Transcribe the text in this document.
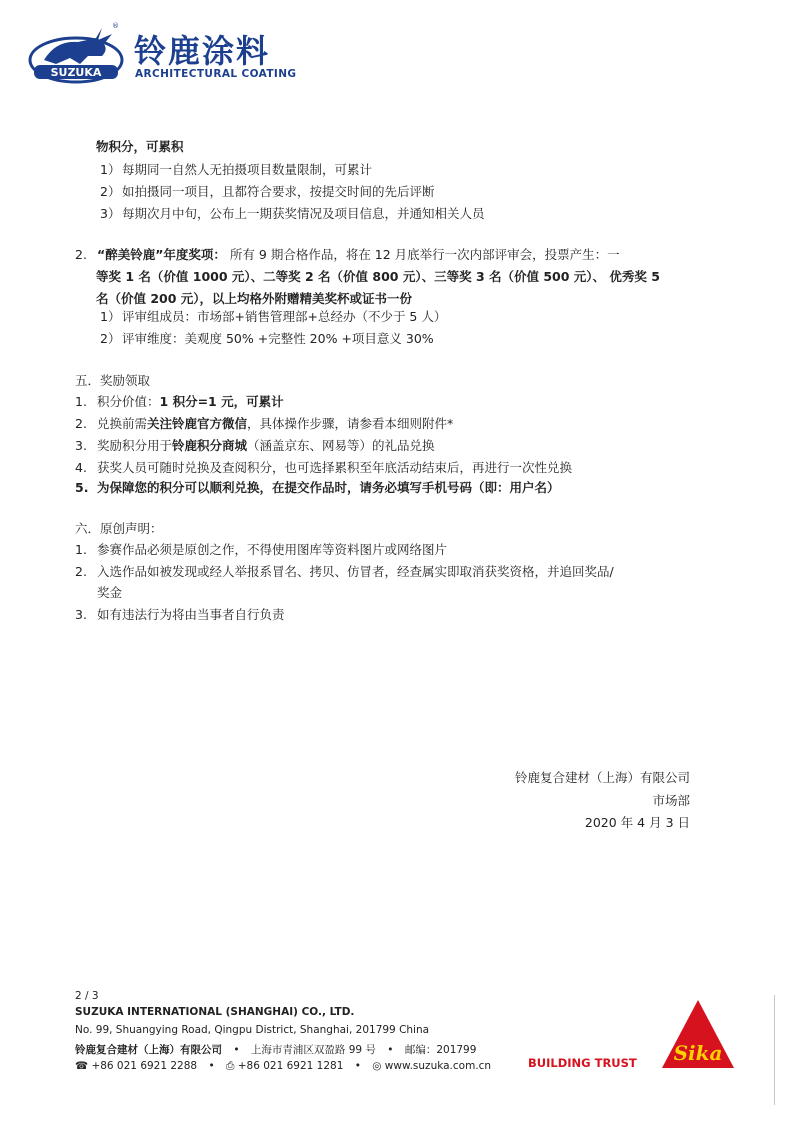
SUZUKA
®
铃鹿涂料
ARCHITECTURAL COATING
物积分，可累积
1） 每期同一自然人无拍摄项目数量限制，可累计
2） 如拍摄同一项目，且都符合要求，按提交时间的先后评断
3） 每期次月中旬，公布上一期获奖情况及项目信息，并通知相关人员
2. “醉美铃鹿”年度奖项： 所有 9 期合格作品，将在 12 月底举行一次内部评审会，投票产生：一
等奖 1 名（价值 1000 元）、二等奖 2 名（价值 800 元）、三等奖 3 名（价值 500 元）、 优秀奖 5
名（价值 200 元），以上均格外附赠精美奖杯或证书一份
1） 评审组成员：市场部+销售管理部+总经办（不少于 5 人）
2） 评审维度：美观度 50% +完整性 20% +项目意义 30%
五．奖励领取
1. 积分价值：1 积分=1 元，可累计
2. 兑换前需关注铃鹿官方微信，具体操作步骤，请参看本细则附件*
3. 奖励积分用于铃鹿积分商城（涵盖京东、网易等）的礼品兑换
4. 获奖人员可随时兑换及查阅积分，也可选择累积至年底活动结束后，再进行一次性兑换
5. 为保障您的积分可以顺利兑换，在提交作品时，请务必填写手机号码（即：用户名）
六．原创声明：
1. 参赛作品必须是原创之作，不得使用图库等资料图片或网络图片
2. 入选作品如被发现或经人举报系冒名、拷贝、仿冒者，经查属实即取消获奖资格，并追回奖品/
奖金
3. 如有违法行为将由当事者自行负责
铃鹿复合建材（上海）有限公司
市场部
2020 年 4 月 3 日
2 / 3
SUZUKA INTERNATIONAL (SHANGHAI) CO., LTD.
No. 99, Shuangying Road, Qingpu District, Shanghai, 201799 China
铃鹿复合建材（上海）有限公司 • 上海市青浦区双盈路 99 号 • 邮编：201799
☎ +86 021 6921 2288 • ⎙ +86 021 6921 1281 • ◎ www.suzuka.com.cn	BUILDING TRUST Sika
